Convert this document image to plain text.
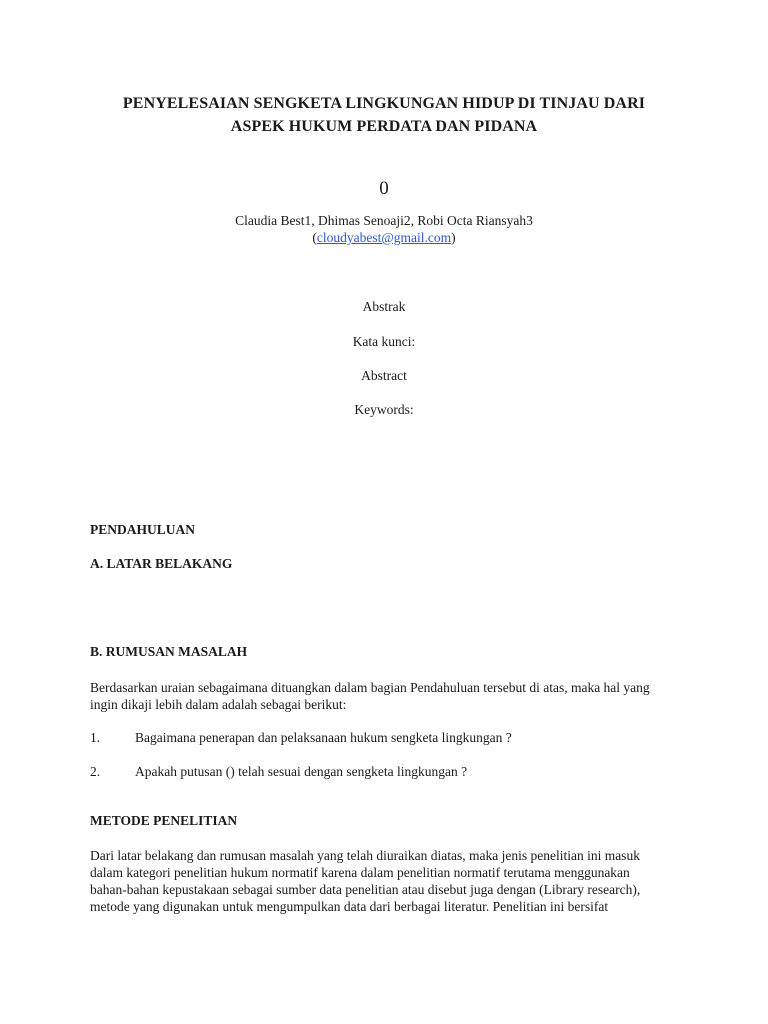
PENYELESAIAN SENGKETA LINGKUNGAN HIDUP DI TINJAU DARI
ASPEK HUKUM PERDATA DAN PIDANA
0
Claudia Best1, Dhimas Senoaji2, Robi Octa Riansyah3
(cloudyabest@gmail.com)
Abstrak
Kata kunci:
Abstract
Keywords:
PENDAHULUAN
A. LATAR BELAKANG
B. RUMUSAN MASALAH
Berdasarkan uraian sebagaimana dituangkan dalam bagian Pendahuluan tersebut di atas, maka hal yang
ingin dikaji lebih dalam adalah sebagai berikut:
1.	Bagaimana penerapan dan pelaksanaan hukum sengketa lingkungan ?
2.	Apakah putusan () telah sesuai dengan sengketa lingkungan ?
METODE PENELITIAN
Dari latar belakang dan rumusan masalah yang telah diuraikan diatas, maka jenis penelitian ini masuk
dalam kategori penelitian hukum normatif karena dalam penelitian normatif terutama menggunakan
bahan-bahan kepustakaan sebagai sumber data penelitian atau disebut juga dengan (Library research),
metode yang digunakan untuk mengumpulkan data dari berbagai literatur. Penelitian ini bersifat
